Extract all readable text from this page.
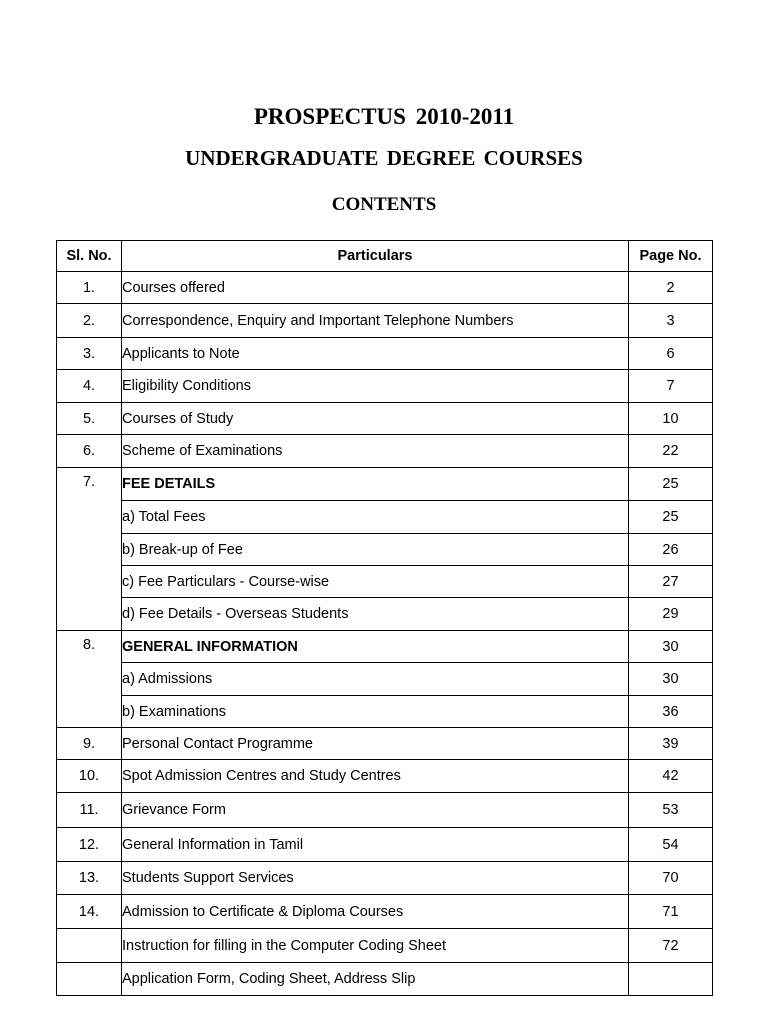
PROSPECTUS 2010-2011
UNDERGRADUATE DEGREE COURSES
CONTENTS
Sl. No.	Particulars	Page No.
1.	Courses offered	2
2.	Correspondence, Enquiry and Important Telephone Numbers	3
3.	Applicants to Note	6
4.	Eligibility Conditions	7
5.	Courses of Study	10
6.	Scheme of Examinations	22
7.	FEE DETAILS	25
	a) Total Fees	25
	b) Break-up of Fee	26
	c) Fee Particulars - Course-wise	27
	d) Fee Details - Overseas Students	29
8.	GENERAL INFORMATION	30
	a) Admissions	30
	b) Examinations	36
9.	Personal Contact Programme	39
10.	Spot Admission Centres and Study Centres	42
11.	Grievance Form	53
12.	General Information in Tamil	54
13.	Students Support Services	70
14.	Admission to Certificate & Diploma Courses	71
	Instruction for filling in the Computer Coding Sheet	72
	Application Form, Coding Sheet, Address Slip	
